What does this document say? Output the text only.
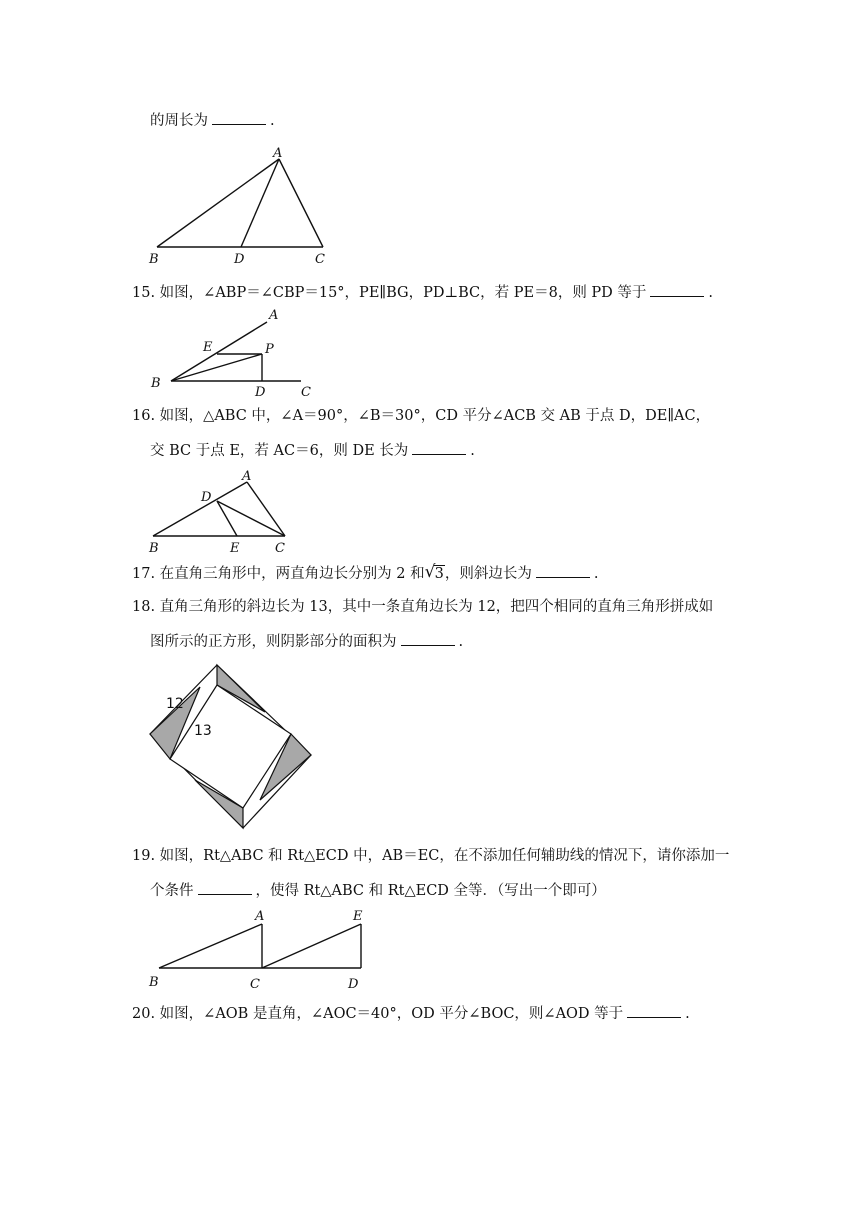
的周长为	.
A
B	D	C
15. 如图，∠ABP＝∠CBP＝15°，PE∥BG，PD⊥BC，若 PE＝8，则 PD 等于	.
A
E	P
B
D	C
16. 如图，△ABC 中，∠A＝90°，∠B＝30°，CD 平分∠ACB 交 AB 于点 D，DE∥AC，
交 BC 于点 E，若 AC＝6，则 DE 长为	.
A
D
B	E	C
17. 在直角三角形中，两直角边长分别为 2 和 √ 3，则斜边长为	.
18. 直角三角形的斜边长为 13，其中一条直角边长为 12，把四个相同的直角三角形拼成如
图所示的正方形，则阴影部分的面积为	.
12
13
19. 如图，Rt△ABC 和 Rt△ECD 中，AB＝EC，在不添加任何辅助线的情况下，请你添加一
个条件	，使得 Rt△ABC 和 Rt△ECD 全等．（写出一个即可）
A	E
B	C	D
20. 如图，∠AOB 是直角，∠AOC＝40°，OD 平分∠BOC，则∠AOD 等于	.
